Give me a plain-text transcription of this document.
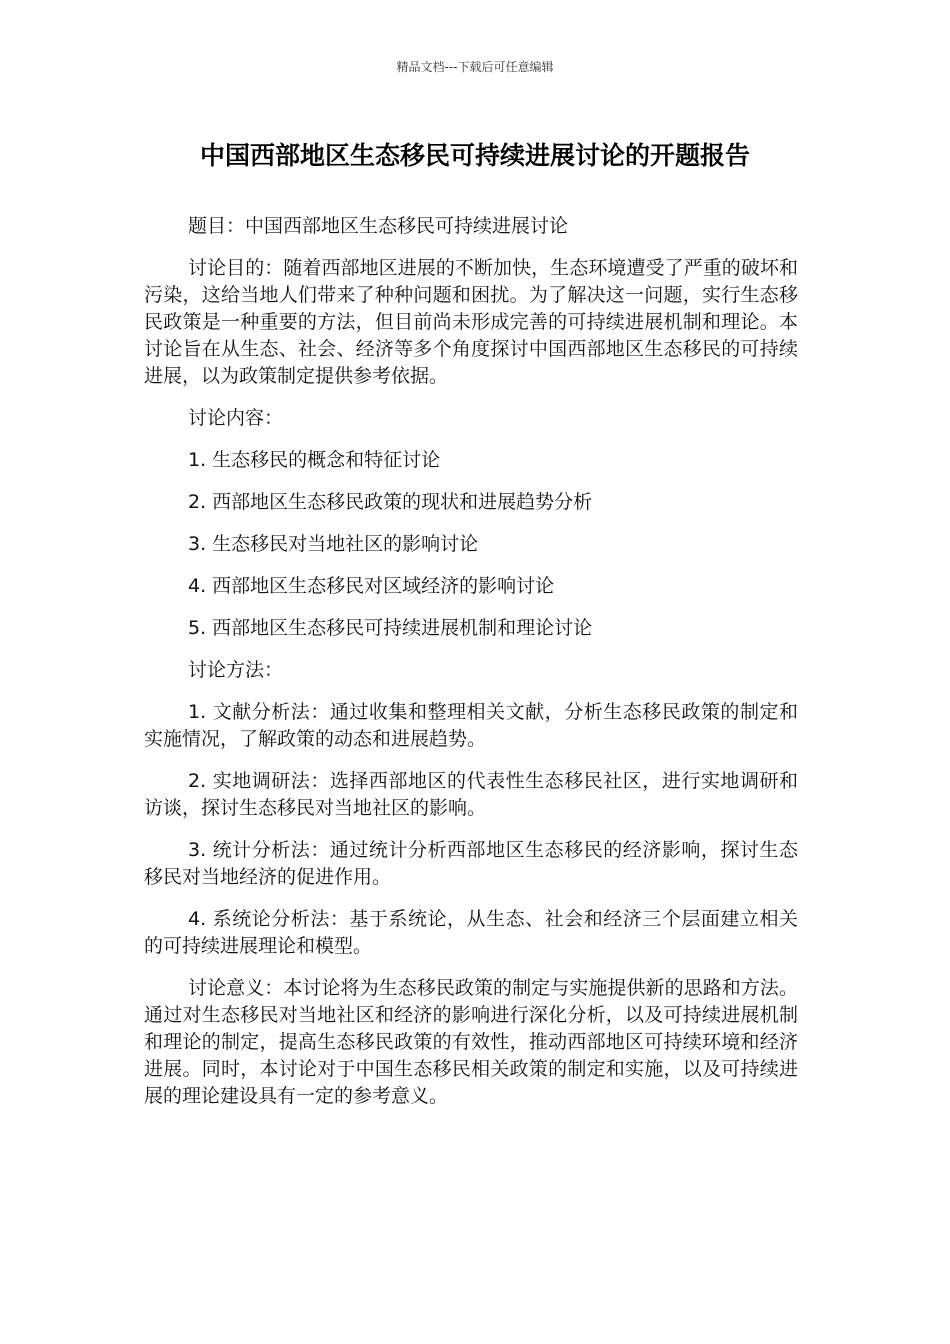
精品文档---下载后可任意编辑
中国西部地区生态移民可持续进展讨论的开题报告

题目：中国西部地区生态移民可持续进展讨论

讨论目的：随着西部地区进展的不断加快，生态环境遭受了严重的破坏和污染，这给当地人们带来了种种问题和困扰。为了解决这一问题，实行生态移民政策是一种重要的方法，但目前尚未形成完善的可持续进展机制和理论。本讨论旨在从生态、社会、经济等多个角度探讨中国西部地区生态移民的可持续进展，以为政策制定提供参考依据。

讨论内容：

1. 生态移民的概念和特征讨论

2. 西部地区生态移民政策的现状和进展趋势分析

3. 生态移民对当地社区的影响讨论

4. 西部地区生态移民对区域经济的影响讨论

5. 西部地区生态移民可持续进展机制和理论讨论

讨论方法：

1. 文献分析法：通过收集和整理相关文献，分析生态移民政策的制定和实施情况，了解政策的动态和进展趋势。

2. 实地调研法：选择西部地区的代表性生态移民社区，进行实地调研和访谈，探讨生态移民对当地社区的影响。

3. 统计分析法：通过统计分析西部地区生态移民的经济影响，探讨生态移民对当地经济的促进作用。

4. 系统论分析法：基于系统论，从生态、社会和经济三个层面建立相关的可持续进展理论和模型。

讨论意义：本讨论将为生态移民政策的制定与实施提供新的思路和方法。通过对生态移民对当地社区和经济的影响进行深化分析，以及可持续进展机制和理论的制定，提高生态移民政策的有效性，推动西部地区可持续环境和经济进展。同时，本讨论对于中国生态移民相关政策的制定和实施，以及可持续进展的理论建设具有一定的参考意义。
